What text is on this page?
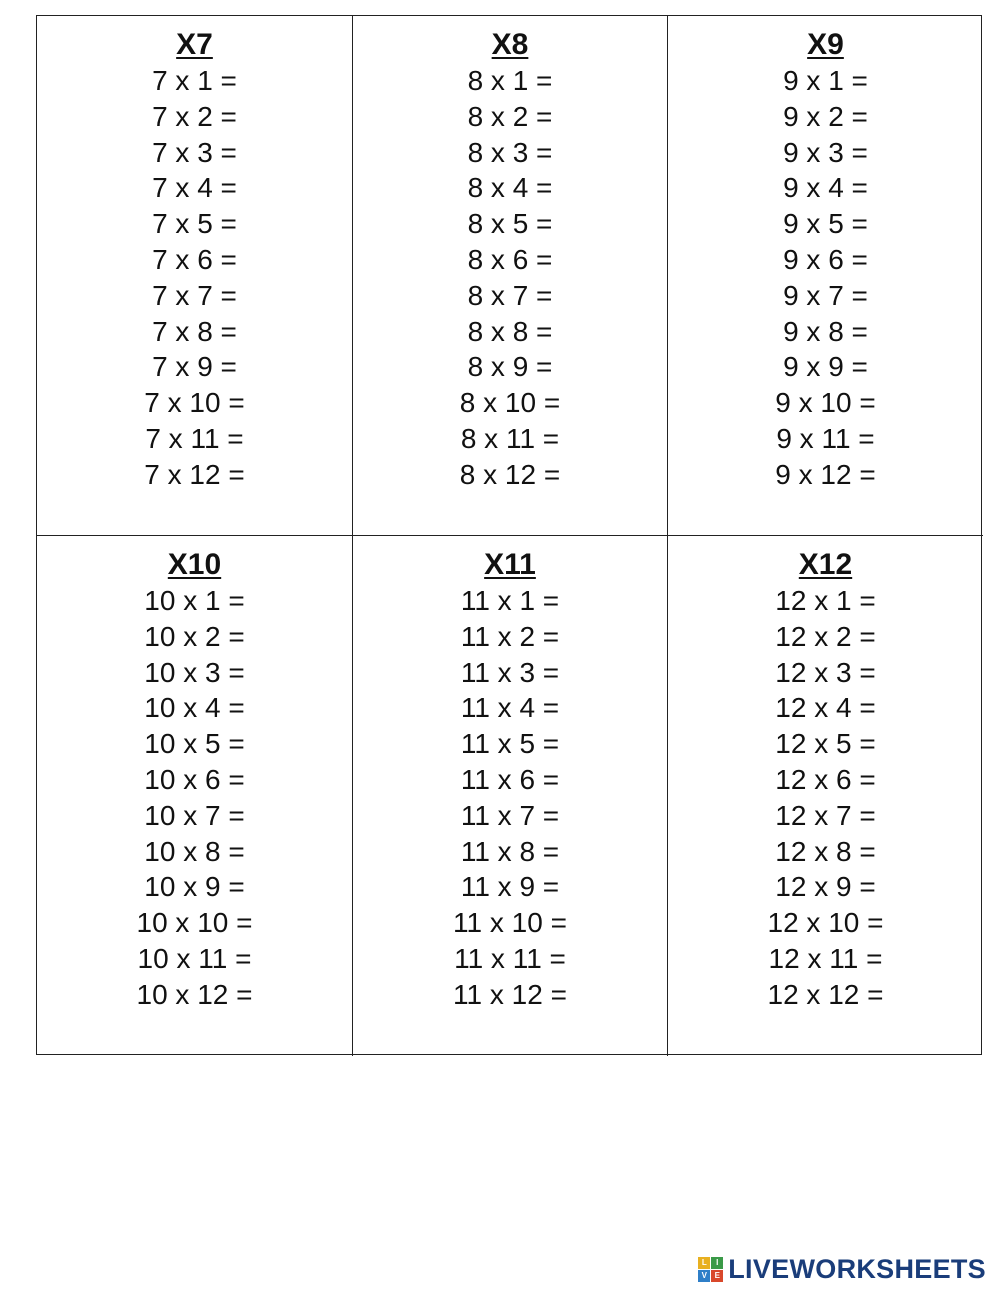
X7
7 x 1 =
7 x 2 =
7 x 3 =
7 x 4 =
7 x 5 =
7 x 6 =
7 x 7 =
7 x 8 =
7 x 9 =
7 x 10 =
7 x 11 =
7 x 12 =
X8
8 x 1 =
8 x 2 =
8 x 3 =
8 x 4 =
8 x 5 =
8 x 6 =
8 x 7 =
8 x 8 =
8 x 9 =
8 x 10 =
8 x 11 =
8 x 12 =
X9
9 x 1 =
9 x 2 =
9 x 3 =
9 x 4 =
9 x 5 =
9 x 6 =
9 x 7 =
9 x 8 =
9 x 9 =
9 x 10 =
9 x 11 =
9 x 12 =
X10
10 x 1 =
10 x 2 =
10 x 3 =
10 x 4 =
10 x 5 =
10 x 6 =
10 x 7 =
10 x 8 =
10 x 9 =
10 x 10 =
10 x 11 =
10 x 12 =
X11
11 x 1 =
11 x 2 =
11 x 3 =
11 x 4 =
11 x 5 =
11 x 6 =
11 x 7 =
11 x 8 =
11 x 9 =
11 x 10 =
11 x 11 =
11 x 12 =
X12
12 x 1 =
12 x 2 =
12 x 3 =
12 x 4 =
12 x 5 =
12 x 6 =
12 x 7 =
12 x 8 =
12 x 9 =
12 x 10 =
12 x 11 =
12 x 12 =
L	I
V E LIVEWORKSHEETS
